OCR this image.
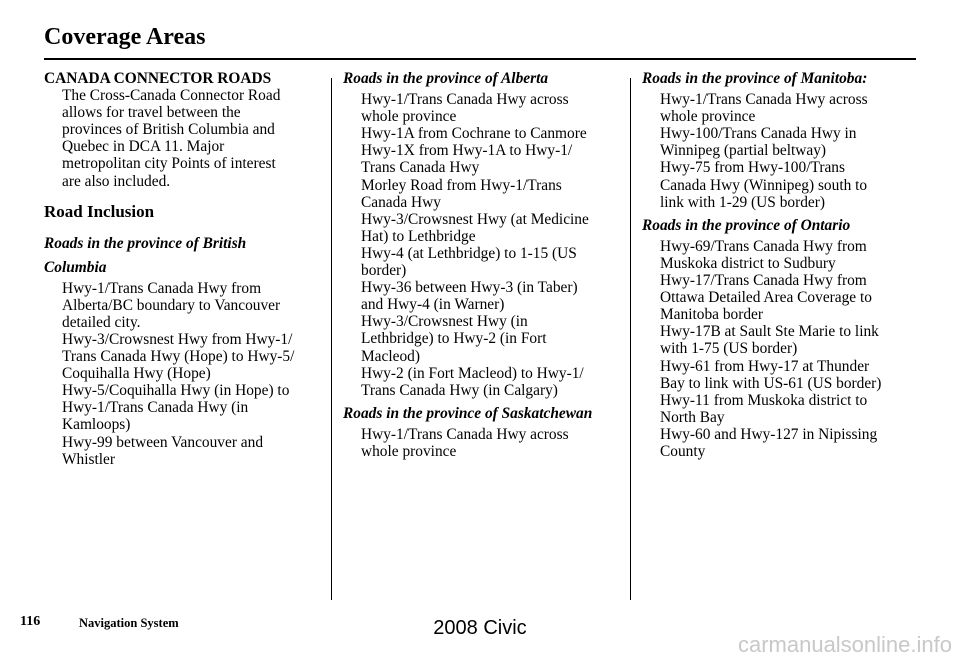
Coverage Areas
CANADA CONNECTOR ROADS
The Cross-Canada Connector Road
allows for travel between the
provinces of British Columbia and
Quebec in DCA 11. Major
metropolitan city Points of interest
are also included.
Road Inclusion
Roads in the province of British
Columbia
Hwy-1/Trans Canada Hwy from
Alberta/BC boundary to Vancouver
detailed city.
Hwy-3/Crowsnest Hwy from Hwy-1/
Trans Canada Hwy (Hope) to Hwy-5/
Coquihalla Hwy (Hope)
Hwy-5/Coquihalla Hwy (in Hope) to
Hwy-1/Trans Canada Hwy (in
Kamloops)
Hwy-99 between Vancouver and
Whistler
Roads in the province of Alberta
Hwy-1/Trans Canada Hwy across
whole province
Hwy-1A from Cochrane to Canmore
Hwy-1X from Hwy-1A to Hwy-1/
Trans Canada Hwy
Morley Road from Hwy-1/Trans
Canada Hwy
Hwy-3/Crowsnest Hwy (at Medicine
Hat) to Lethbridge
Hwy-4 (at Lethbridge) to 1-15 (US
border)
Hwy-36 between Hwy-3 (in Taber)
and Hwy-4 (in Warner)
Hwy-3/Crowsnest Hwy (in
Lethbridge) to Hwy-2 (in Fort
Macleod)
Hwy-2 (in Fort Macleod) to Hwy-1/
Trans Canada Hwy (in Calgary)
Roads in the province of Saskatchewan
Hwy-1/Trans Canada Hwy across
whole province
Roads in the province of Manitoba:
Hwy-1/Trans Canada Hwy across
whole province
Hwy-100/Trans Canada Hwy in
Winnipeg (partial beltway)
Hwy-75 from Hwy-100/Trans
Canada Hwy (Winnipeg) south to
link with 1-29 (US border)
Roads in the province of Ontario
Hwy-69/Trans Canada Hwy from
Muskoka district to Sudbury
Hwy-17/Trans Canada Hwy from
Ottawa Detailed Area Coverage to
Manitoba border
Hwy-17B at Sault Ste Marie to link
with 1-75 (US border)
Hwy-61 from Hwy-17 at Thunder
Bay to link with US-61 (US border)
Hwy-11 from Muskoka district to
North Bay
Hwy-60 and Hwy-127 in Nipissing
County
116	Navigation System	2008 Civic
carmanualsonline.info
